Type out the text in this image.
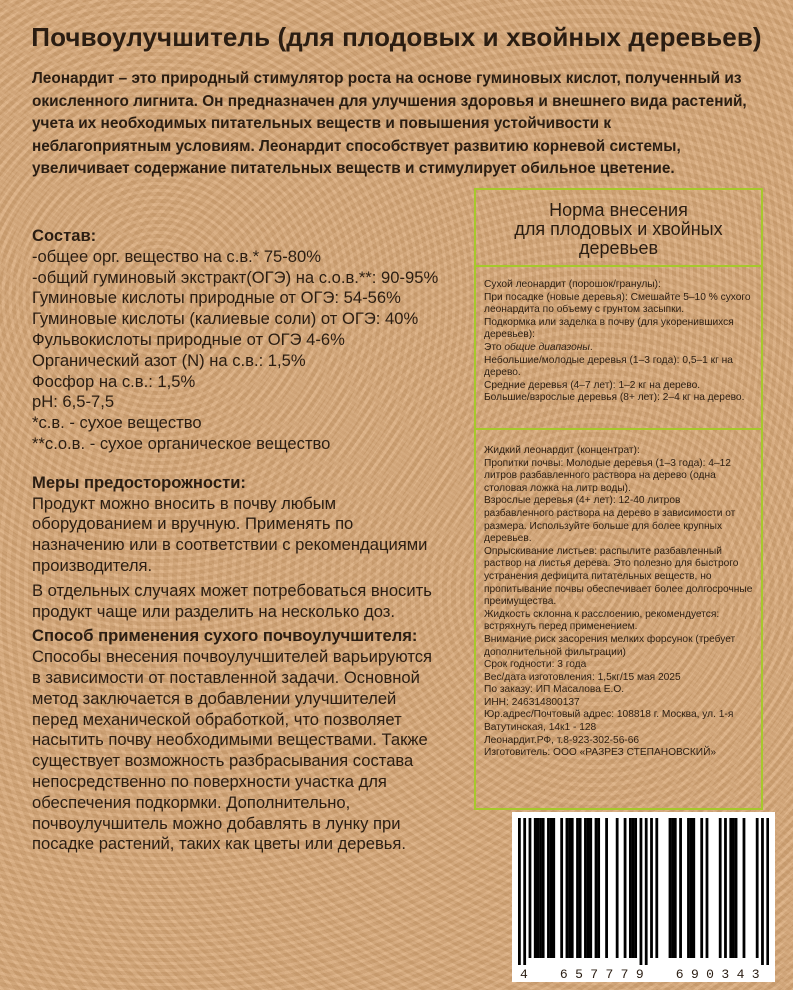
Почвоулучшитель (для плодовых и хвойных деревьев)
Леонардит – это природный стимулятор роста на основе гуминовых кислот, полученный из окисленного лигнита. Он предназначен для улучшения здоровья и внешнего вида растений, учета их необходимых питательных веществ и повышения устойчивости к неблагоприятным условиям. Леонардит способствует развитию корневой системы, увеличивает содержание питательных веществ и стимулирует обильное цветение.

Состав:

-общее орг. вещество на с.в.* 75-80%

-общий гуминовый экстракт(ОГЭ) на с.о.в.**: 90-95%

Гуминовые кислоты природные от ОГЭ: 54-56%

Гуминовые кислоты (калиевые соли) от ОГЭ: 40%

Фульвокислоты природные от ОГЭ 4-6%

Органический азот (N) на с.в.: 1,5%

Фосфор на с.в.: 1,5%

pH: 6,5-7,5

*с.в. - сухое вещество

**с.о.в. - сухое органическое вещество

Меры предосторожности:

Продукт можно вносить в почву любым оборудованием и вручную. Применять по назначению или в соответствии с рекомендациями производителя.

В отдельных случаях может потребоваться вносить продукт чаще или разделить на несколько доз.

Способ применения сухого почвоулучшителя:

Способы внесения почвоулучшителей варьируются в зависимости от поставленной задачи. Основной метод заключается в добавлении улучшителей перед механической обработкой, что позволяет насытить почву необходимыми веществами. Также существует возможность разбрасывания состава непосредственно по поверхности участка для обеспечения подкормки. Дополнительно, почвоулучшитель можно добавлять в лунку при посадке растений, таких как цветы или деревья.

Норма внесения
для плодовых и хвойных
деревьев

Сухой леонардит (порошок/гранулы):

При посадке (новые деревья): Смешайте 5–10 % сухого леонардита по объему с грунтом засыпки.

Подкормка или заделка в почву (для укоренившихся деревьев):

Это общие диапазоны.

Небольшие/молодые деревья (1–3 года): 0,5–1 кг на дерево.

Средние деревья (4–7 лет): 1–2 кг на дерево.

Большие/взрослые деревья (8+ лет): 2–4 кг на дерево.

Жидкий леонардит (концентрат):

Пропитки почвы: Молодые деревья (1–3 года): 4–12 литров разбавленного раствора на дерево (одна столовая ложка на литр воды).

Взрослые деревья (4+ лет): 12-40 литров разбавленного раствора на дерево в зависимости от размера. Используйте больше для более крупных деревьев.

Опрыскивание листьев: распылите разбавленный раствор на листья дерева. Это полезно для быстрого устранения дефицита питательных веществ, но пропитывание почвы обеспечивает более долгосрочные преимущества.

Жидкость склонна к расслоению, рекомендуется: встряхнуть перед применением.

Внимание риск засорения мелких форсунок (требует дополнительной фильтрации)

Срок годности: 3 года

Вес/дата изготовления: 1,5кг/15 мая 2025

По заказу: ИП Масалова Е.О.

ИНН: 246314800137

Юр.адрес/Почтовый адрес: 108818 г. Москва, ул. 1-я Ватутинская, 14к1 - 128

Леонардит.РФ, т.8-923-302-56-66

Изготовитель: ООО «РАЗРЕЗ СТЕПАНОВСКИЙ»

4 657779 690343
